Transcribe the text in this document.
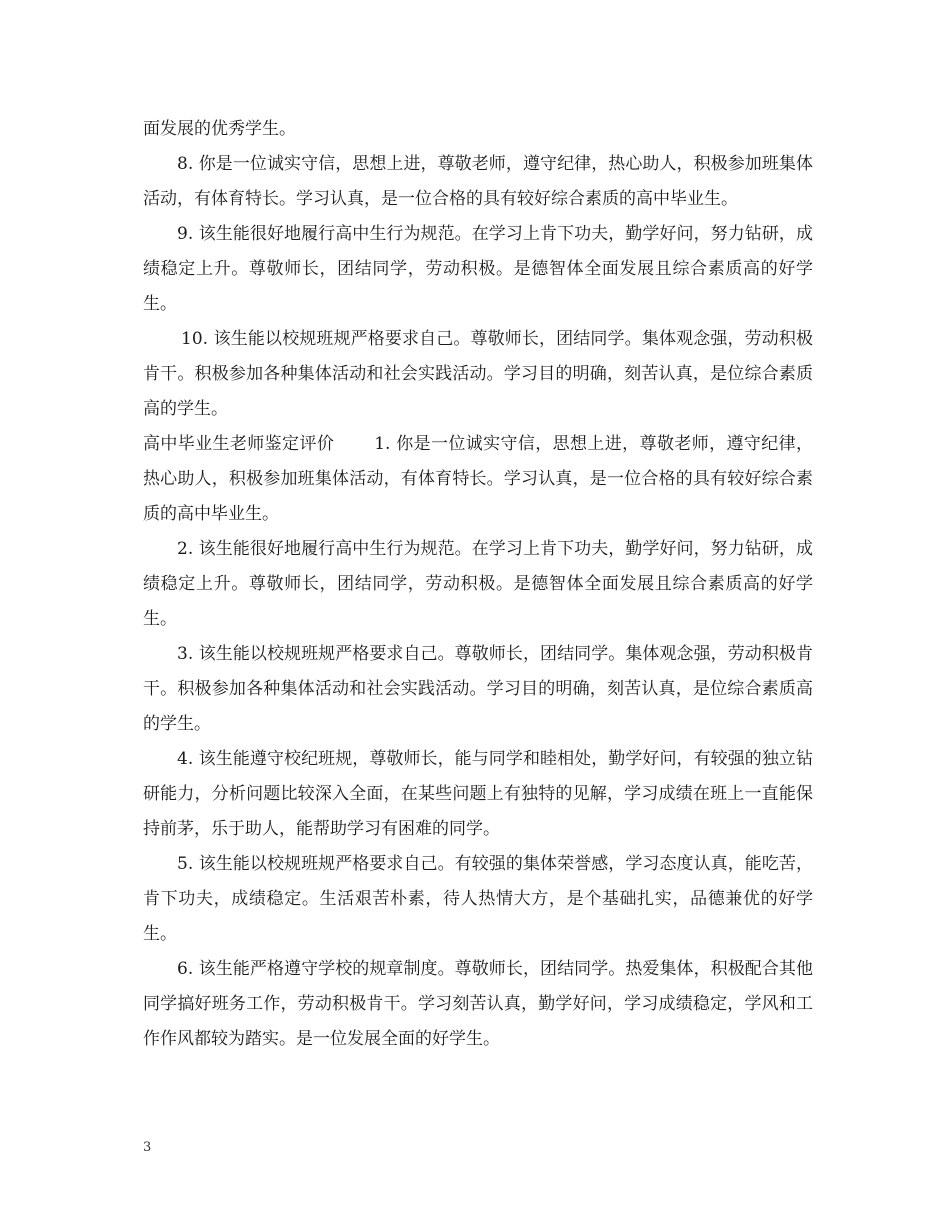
面发展的优秀学生。

8. 你是一位诚实守信，思想上进，尊敬老师，遵守纪律，热心助人，积极参加班集体活动，有体育特长。学习认真，是一位合格的具有较好综合素质的高中毕业生。

9. 该生能很好地履行高中生行为规范。在学习上肯下功夫，勤学好问，努力钻研，成绩稳定上升。尊敬师长，团结同学，劳动积极。是德智体全面发展且综合素质高的好学生。

10. 该生能以校规班规严格要求自己。尊敬师长，团结同学。集体观念强，劳动积极肯干。积极参加各种集体活动和社会实践活动。学习目的明确，刻苦认真，是位综合素质高的学生。

高中毕业生老师鉴定评价 1. 你是一位诚实守信，思想上进，尊敬老师，遵守纪律，热心助人，积极参加班集体活动，有体育特长。学习认真，是一位合格的具有较好综合素质的高中毕业生。

2. 该生能很好地履行高中生行为规范。在学习上肯下功夫，勤学好问，努力钻研，成绩稳定上升。尊敬师长，团结同学，劳动积极。是德智体全面发展且综合素质高的好学生。

3. 该生能以校规班规严格要求自己。尊敬师长，团结同学。集体观念强，劳动积极肯干。积极参加各种集体活动和社会实践活动。学习目的明确，刻苦认真，是位综合素质高的学生。

4. 该生能遵守校纪班规，尊敬师长，能与同学和睦相处，勤学好问，有较强的独立钻研能力，分析问题比较深入全面，在某些问题上有独特的见解，学习成绩在班上一直能保持前茅，乐于助人，能帮助学习有困难的同学。

5. 该生能以校规班规严格要求自己。有较强的集体荣誉感，学习态度认真，能吃苦，肯下功夫，成绩稳定。生活艰苦朴素，待人热情大方，是个基础扎实，品德兼优的好学生。

6. 该生能严格遵守学校的规章制度。尊敬师长，团结同学。热爱集体，积极配合其他同学搞好班务工作，劳动积极肯干。学习刻苦认真，勤学好问，学习成绩稳定，学风和工作作风都较为踏实。是一位发展全面的好学生。

3
